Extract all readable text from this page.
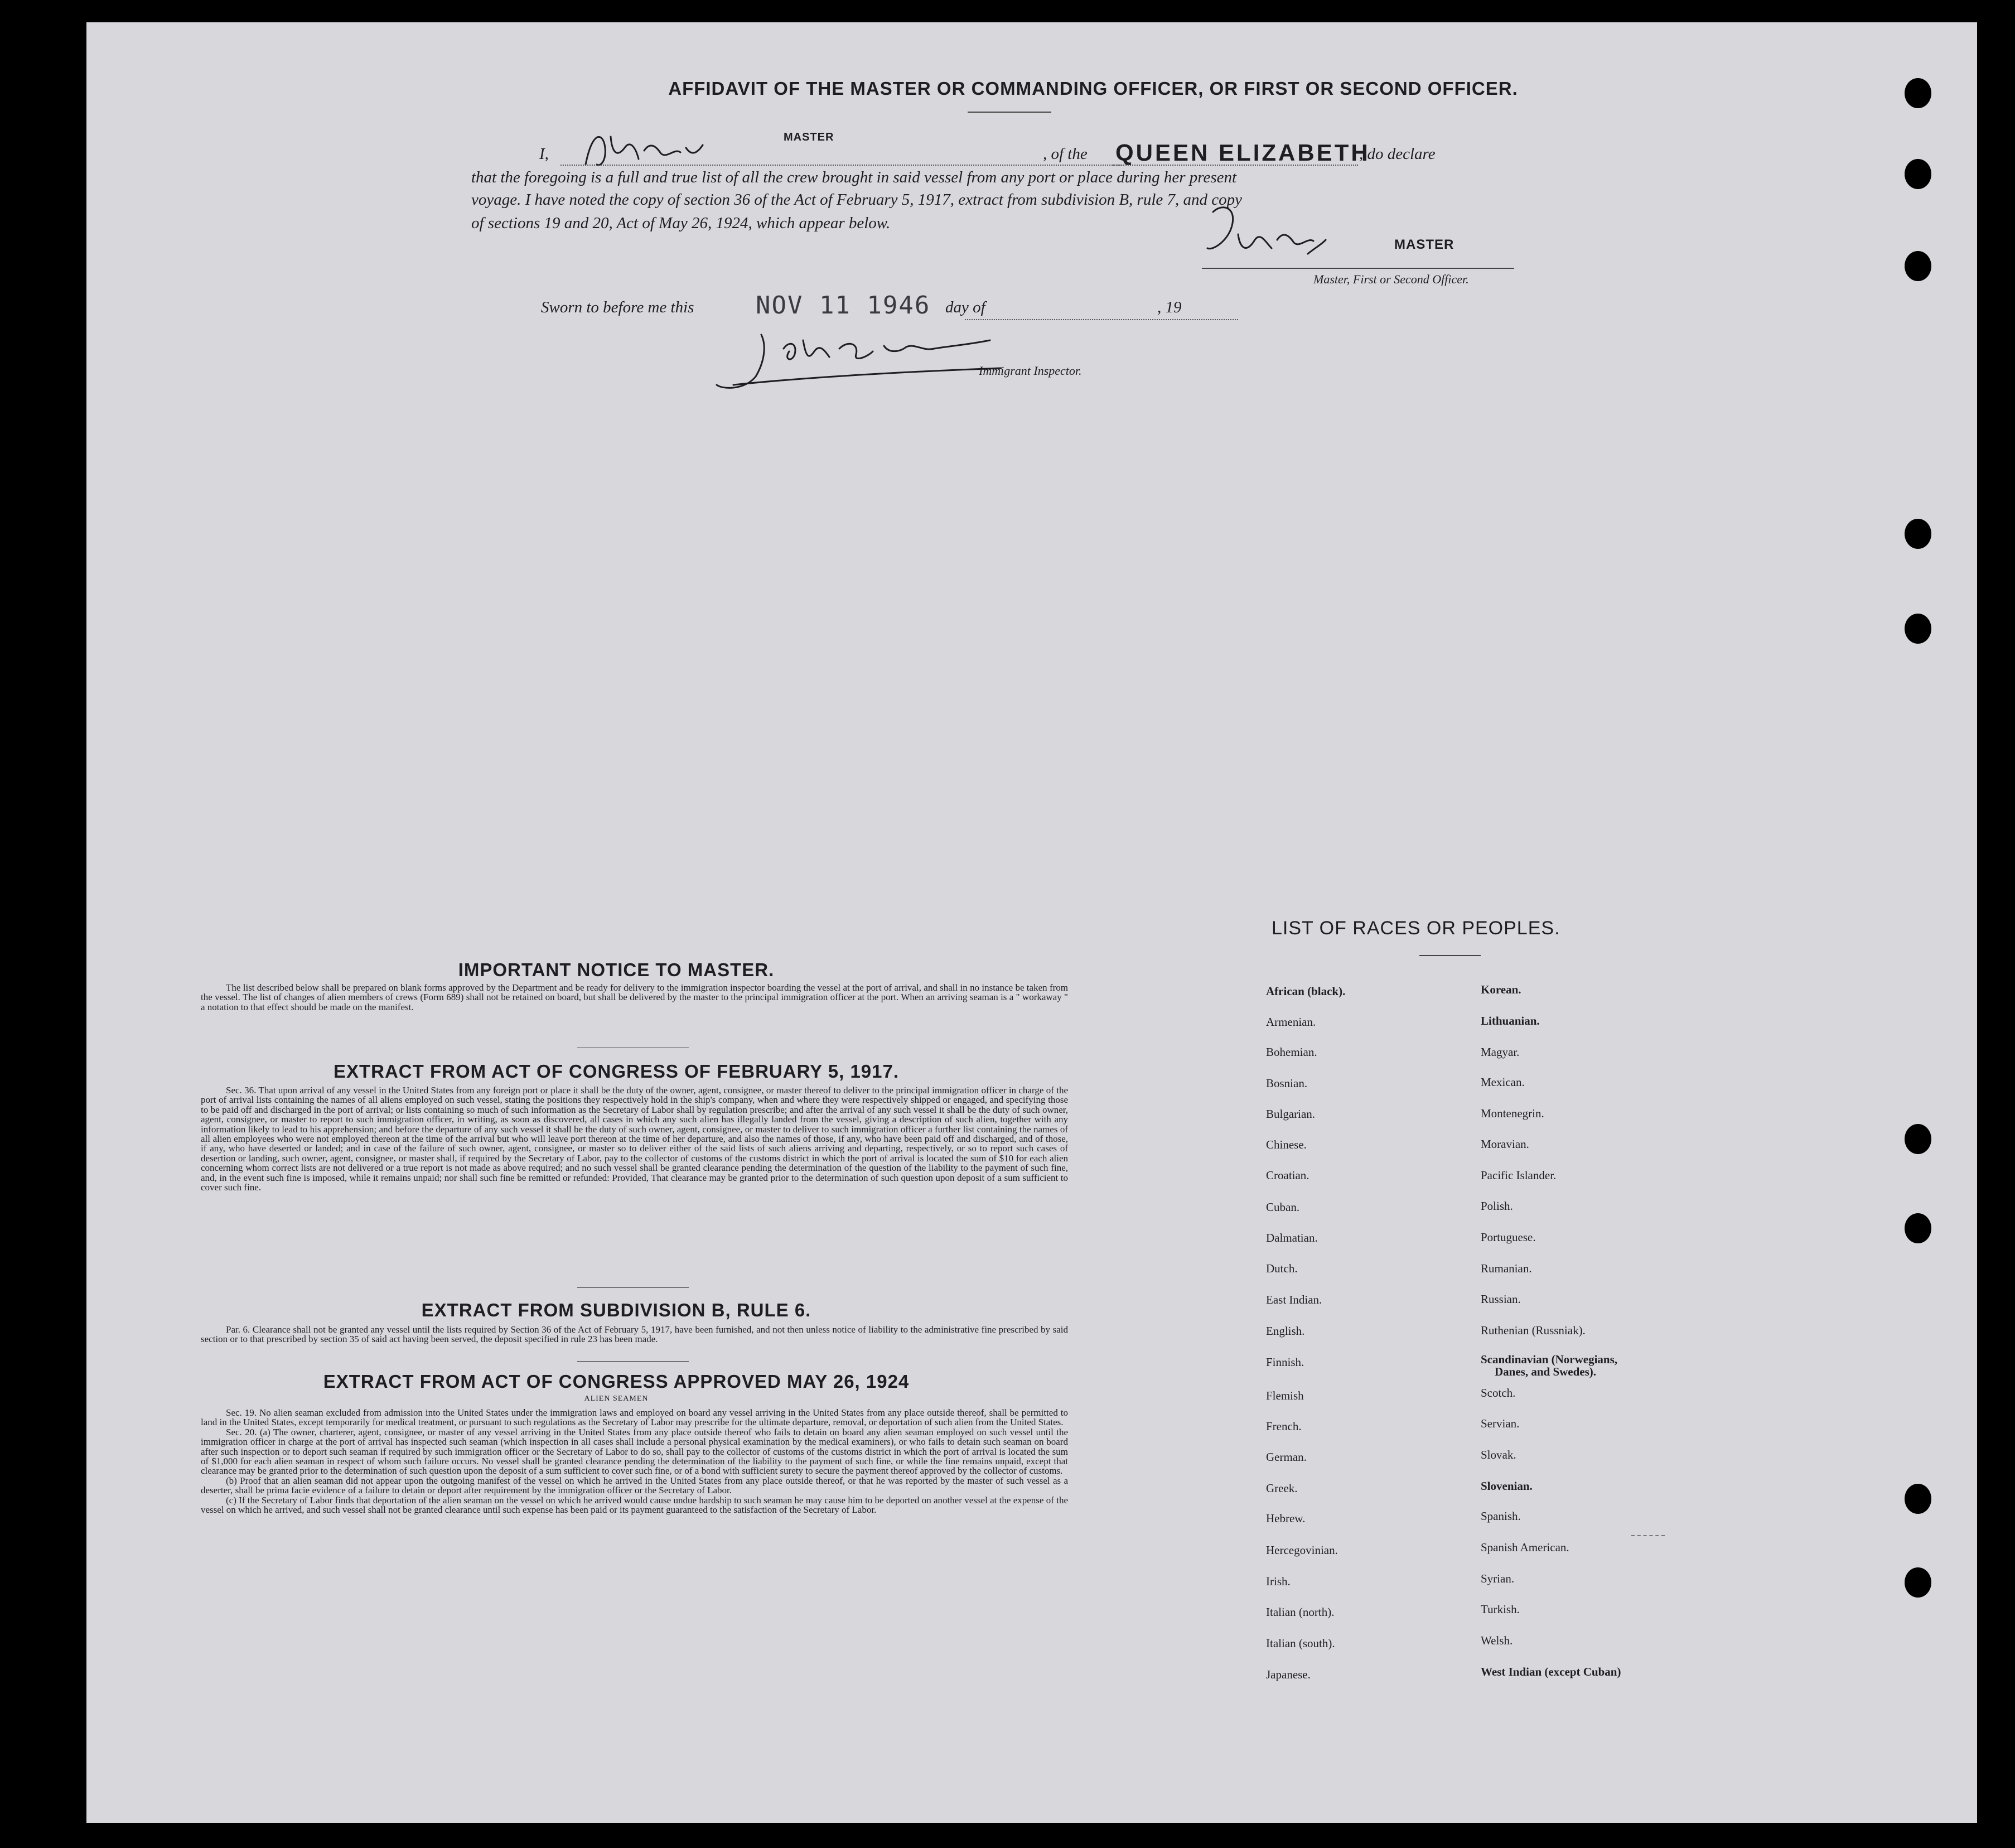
AFFIDAVIT OF THE MASTER OR COMMANDING OFFICER, OR FIRST OR SECOND OFFICER.
I,
MASTER
, of the QUEEN ELIZABETH
, do declare
that the foregoing is a full and true list of all the crew brought in said vessel from any port or place during her present
voyage. I have noted the copy of section 36 of the Act of February 5, 1917, extract from subdivision B, rule 7, and copy
of sections 19 and 20, Act of May 26, 1924, which appear below.
MASTER
Master, First or Second Officer.
Sworn to before me this	NOV 11 1946 day of	, 19
Immigrant Inspector.
IMPORTANT NOTICE TO MASTER.

The list described below shall be prepared on blank forms approved by the Department and be ready for delivery to the immigration inspector boarding the vessel at the port of arrival, and shall in no instance be taken from the vessel. The list of changes of alien members of crews (Form 689) shall not be retained on board, but shall be delivered by the master to the principal immigration officer at the port. When an arriving seaman is a " workaway " a notation to that effect should be made on the manifest.

EXTRACT FROM ACT OF CONGRESS OF FEBRUARY 5, 1917.

Sec. 36. That upon arrival of any vessel in the United States from any foreign port or place it shall be the duty of the owner, agent, consignee, or master thereof to deliver to the principal immigration officer in charge of the port of arrival lists containing the names of all aliens employed on such vessel, stating the positions they respectively hold in the ship's company, when and where they were respectively shipped or engaged, and specifying those to be paid off and discharged in the port of arrival; or lists containing so much of such information as the Secretary of Labor shall by regulation prescribe; and after the arrival of any such vessel it shall be the duty of such owner, agent, consignee, or master to report to such immigration officer, in writing, as soon as discovered, all cases in which any such alien has illegally landed from the vessel, giving a description of such alien, together with any information likely to lead to his apprehension; and before the departure of any such vessel it shall be the duty of such owner, agent, consignee, or master to deliver to such immigration officer a further list containing the names of all alien employees who were not employed thereon at the time of the arrival but who will leave port thereon at the time of her departure, and also the names of those, if any, who have been paid off and discharged, and of those, if any, who have deserted or landed; and in case of the failure of such owner, agent, consignee, or master so to deliver either of the said lists of such aliens arriving and departing, respectively, or so to report such cases of desertion or landing, such owner, agent, consignee, or master shall, if required by the Secretary of Labor, pay to the collector of customs of the customs district in which the port of arrival is located the sum of $10 for each alien concerning whom correct lists are not delivered or a true report is not made as above required; and no such vessel shall be granted clearance pending the determination of the question of the liability to the payment of such fine, and, in the event such fine is imposed, while it remains unpaid; nor shall such fine be remitted or refunded: Provided, That clearance may be granted prior to the determination of such question upon deposit of a sum sufficient to cover such fine.

EXTRACT FROM SUBDIVISION B, RULE 6.

Par. 6. Clearance shall not be granted any vessel until the lists required by Section 36 of the Act of February 5, 1917, have been furnished, and not then unless notice of liability to the administrative fine prescribed by said section or to that prescribed by section 35 of said act having been served, the deposit specified in rule 23 has been made.

EXTRACT FROM ACT OF CONGRESS APPROVED MAY 26, 1924
ALIEN SEAMEN

Sec. 19. No alien seaman excluded from admission into the United States under the immigration laws and employed on board any vessel arriving in the United States from any place outside thereof, shall be permitted to land in the United States, except temporarily for medical treatment, or pursuant to such regulations as the Secretary of Labor may prescribe for the ultimate departure, removal, or deportation of such alien from the United States.

Sec. 20. (a) The owner, charterer, agent, consignee, or master of any vessel arriving in the United States from any place outside thereof who fails to detain on board any alien seaman employed on such vessel until the immigration officer in charge at the port of arrival has inspected such seaman (which inspection in all cases shall include a personal physical examination by the medical examiners), or who fails to detain such seaman on board after such inspection or to deport such seaman if required by such immigration officer or the Secretary of Labor to do so, shall pay to the collector of customs of the customs district in which the port of arrival is located the sum of $1,000 for each alien seaman in respect of whom such failure occurs. No vessel shall be granted clearance pending the determination of the liability to the payment of such fine, or while the fine remains unpaid, except that clearance may be granted prior to the determination of such question upon the deposit of a sum sufficient to cover such fine, or of a bond with sufficient surety to secure the payment thereof approved by the collector of customs.

(b) Proof that an alien seaman did not appear upon the outgoing manifest of the vessel on which he arrived in the United States from any place outside thereof, or that he was reported by the master of such vessel as a deserter, shall be prima facie evidence of a failure to detain or deport after requirement by the immigration officer or the Secretary of Labor.

(c) If the Secretary of Labor finds that deportation of the alien seaman on the vessel on which he arrived would cause undue hardship to such seaman he may cause him to be deported on another vessel at the expense of the vessel on which he arrived, and such vessel shall not be granted clearance until such expense has been paid or its payment guaranteed to the satisfaction of the Secretary of Labor.

LIST OF RACES OR PEOPLES.
Danes, and Swedes).
African (black).
Armenian.
Bohemian.
Bosnian.
Bulgarian.
Chinese.
Croatian.
Cuban.
Dalmatian.
Dutch.
East Indian.
English.
Finnish.
Flemish
French.
German.
Greek.
Hebrew.
Hercegovinian.
Irish.
Italian (north).
Italian (south).
Japanese.
Korean.
Lithuanian.
Magyar.
Mexican.
Montenegrin.
Moravian.
Pacific Islander.
Polish.
Portuguese.
Rumanian.
Russian.
Ruthenian (Russniak).
Scandinavian (Norwegians,
Scotch.
Servian.
Slovak.
Slovenian.
Spanish.
Spanish American.
Syrian.
Turkish.
Welsh.
West Indian (except Cuban)
